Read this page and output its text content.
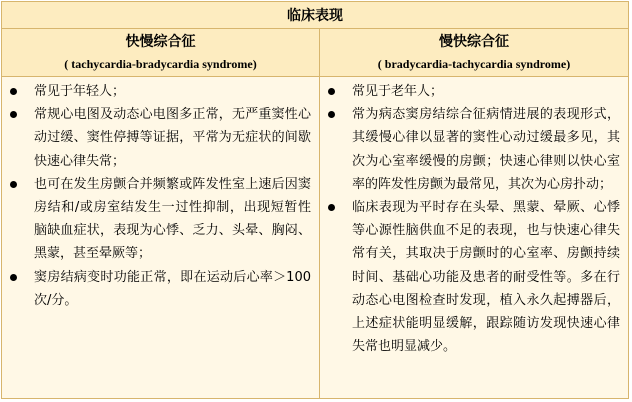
临床表现
快慢综合征
( tachycardia-bradycardia syndrome)
慢快综合征
( bradycardia-tachycardia syndrome)
常见于年轻人；
常规心电图及动态心电图多正常，无严重窦性心动过缓、窦性停搏等证据，平常为无症状的间歇快速心律失常；
也可在发生房颤合并频繁或阵发性室上速后因窦房结和/或房室结发生一过性抑制，出现短暂性脑缺血症状，表现为心悸、乏力、头晕、胸闷、黑蒙，甚至晕厥等；
窦房结病变时功能正常，即在运动后心率＞100 次/分。
常见于老年人；
常为病态窦房结综合征病情进展的表现形式，其缓慢心律以显著的窦性心动过缓最多见，其次为心室率缓慢的房颤；快速心律则以快心室率的阵发性房颤为最常见，其次为心房扑动；
临床表现为平时存在头晕、黑蒙、晕厥、心悸等心源性脑供血不足的表现，也与快速心律失常有关，其取决于房颤时的心室率、房颤持续时间、基础心功能及患者的耐受性等。多在行动态心电图检查时发现，植入永久起搏器后，上述症状能明显缓解，跟踪随访发现快速心律失常也明显减少。
